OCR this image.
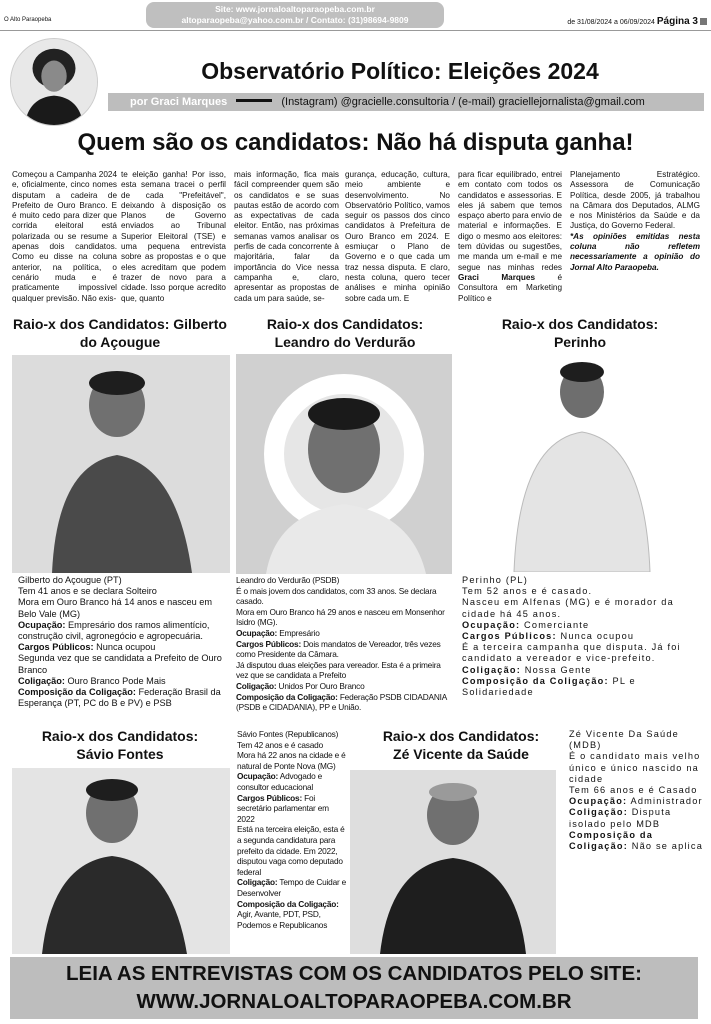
O Alto Paraopeba
Site: www.jornaloaltoparaopeba.com.br
altoparaopeba@yahoo.com.br / Contato: (31)98694-9809	de 31/08/2024 a 06/09/2024 Página 3
Observatório Político: Eleições 2024
por Graci Marques	(Instagram) @gracielle.consultoria / (e-mail) graciellejornalista@gmail.com
Quem são os candidatos: Não há disputa ganha!

Começou a Campanha 2024 e, oficialmente, cinco nomes disputam a cadeira de Prefeito de Ouro Branco. E é muito cedo para dizer que corrida eleitoral está polarizada ou se resume a apenas dois candidatos. Como eu disse na coluna anterior, na política, o cenário muda e é praticamente impossível qualquer previsão. Não exis-

te eleição ganha! Por isso, esta semana tracei o perfil de cada "Prefeitável", deixando à disposição os Planos de Governo enviados ao Tribunal Superior Eleitoral (TSE) e uma pequena entrevista sobre as propostas e o que eles acreditam que podem trazer de novo para a cidade. Isso porque acredito que, quanto

mais informação, fica mais fácil compreender quem são os candidatos e se suas pautas estão de acordo com as expectativas de cada eleitor. Então, nas próximas semanas vamos analisar os perfis de cada concorrente à majoritária, falar da importância do Vice nessa campanha e, claro, apresentar as propostas de cada um para saúde, se-

gurança, educação, cultura, meio ambiente e desenvolvimento. No Observatório Político, vamos seguir os passos dos cinco candidatos à Prefeitura de Ouro Branco em 2024. E esmiuçar o Plano de Governo e o que cada um traz nessa disputa. E claro, nesta coluna, quero tecer análises e minha opinião sobre cada um. E

para ficar equilibrado, entrei em contato com todos os candidatos e assessorias. E eles já sabem que temos espaço aberto para envio de material e informações. E digo o mesmo aos eleitores: tem dúvidas ou sugestões, me manda um e-mail e me segue nas minhas redes Graci Marques	é Consultora em Marketing Político e

Planejamento Estratégico. Assessora de Comunicação Política, desde 2005, já trabalhou na Câmara dos Deputados, ALMG e nos Ministérios da Saúde e da Justiça, do Governo Federal.

*As opiniões emitidas nesta coluna não refletem necessariamente a opinião do Jornal Alto Paraopeba.

Raio-x dos Candidatos: Gilberto
do Açougue
Gilberto do Açougue (PT)
Tem 41 anos e se declara Solteiro
Mora em Ouro Branco há 14 anos e nasceu em Belo Vale (MG)
Ocupação: Empresário dos ramos alimentício, construção civil, agronegócio e agropecuária.
Cargos Públicos: Nunca ocupou
Segunda vez que se candidata a Prefeito de Ouro Branco
Coligação: Ouro Branco Pode Mais
Composição da Coligação: Federação Brasil da Esperança (PT, PC do B e PV) e PSB
Raio-x dos Candidatos:
Leandro do Verdurão
Leandro do Verdurão (PSDB)
É o mais jovem dos candidatos, com 33 anos. Se declara casado.
Mora em Ouro Branco há 29 anos e nasceu em Monsenhor Isidro (MG).
Ocupação: Empresário
Cargos Públicos: Dois mandatos de Vereador, três vezes como Presidente da Câmara.
Já disputou duas eleições para vereador. Esta é a primeira vez que se candidata a Prefeito
Coligação: Unidos Por Ouro Branco
Composição da Coligação: Federação PSDB CIDADANIA (PSDB e CIDADANIA), PP e União.
Raio-x dos Candidatos:
Perinho
Perinho (PL)
Tem 52 anos e é casado.
Nasceu em Alfenas (MG) e é morador da cidade há 45 anos.
Ocupação: Comerciante
Cargos Públicos: Nunca ocupou
É a terceira campanha que disputa. Já foi candidato a vereador e vice-prefeito.
Coligação: Nossa Gente
Composição da Coligação: PL e Solidariedade
Raio-x dos Candidatos:
Sávio Fontes
Sávio Fontes (Republicanos)
Tem 42 anos e é casado
Mora há 22 anos na cidade e é natural de Ponte Nova (MG)
Ocupação: Advogado e consultor educacional
Cargos Públicos: Foi secretário parlamentar em 2022
Está na terceira eleição, esta é a segunda candidatura para prefeito da cidade. Em 2022, disputou vaga como deputado federal
Coligação: Tempo de Cuidar e Desenvolver
Composição da Coligação: Agir, Avante, PDT, PSD, Podemos e Republicanos
Raio-x dos Candidatos:
Zé Vicente da Saúde
Zé Vicente Da Saúde (MDB)
É o candidato mais velho único e único nascido na cidade
Tem 66 anos e é Casado
Ocupação: Administrador
Coligação: Disputa isolado pelo MDB
Composição da Coligação: Não se aplica
LEIA AS ENTREVISTAS COM OS CANDIDATOS PELO SITE:
WWW.JORNALOALTOPARAOPEBA.COM.BR
